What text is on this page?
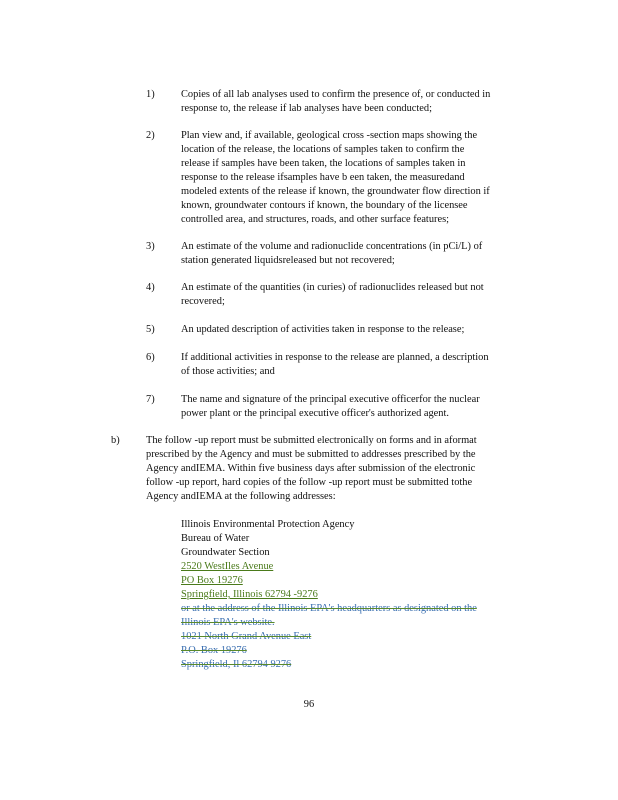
1)	Copies of all lab analyses used to confirm the presence of, or conducted in
response to, the release if lab analyses have been conducted;
2)	Plan view and, if available, geological cross -section maps showing the
location of the release, the locations of samples taken to confirm the
release if samples have been taken, the locations of samples taken in
response to the release ifsamples have b een taken, the measuredand
modeled extents of the release if known, the groundwater flow direction if
known, groundwater contours if known, the boundary of the licensee
controlled area, and structures, roads, and other surface features;
3)	An estimate of the volume and radionuclide concentrations (in pCi/L) of
station generated liquidsreleased but not recovered;
4)	An estimate of the quantities (in curies) of radionuclides released but not
recovered;
5)	An updated description of activities taken in response to the release;
6)	If additional activities in response to the release are planned, a description
of those activities; and
7)	The name and signature of the principal executive officerfor the nuclear
power plant or the principal executive officer's authorized agent.
b)	The follow -up report must be submitted electronically on forms and in aformat
prescribed by the Agency and must be submitted to addresses prescribed by the
Agency andIEMA. Within five business days after submission of the electronic
follow -up report, hard copies of the follow -up report must be submitted tothe
Agency andIEMA at the following addresses:
Illinois Environmental Protection Agency
Bureau of Water
Groundwater Section
2520 WestIles Avenue
PO Box 19276
Springfield, Illinois 62794 -9276
or at the address of the Illinois EPA's headquarters as designated on the
Illinois EPA's website.
1021 North Grand Avenue East
P.O. Box 19276
Springfield, Il 62794 9276
96
